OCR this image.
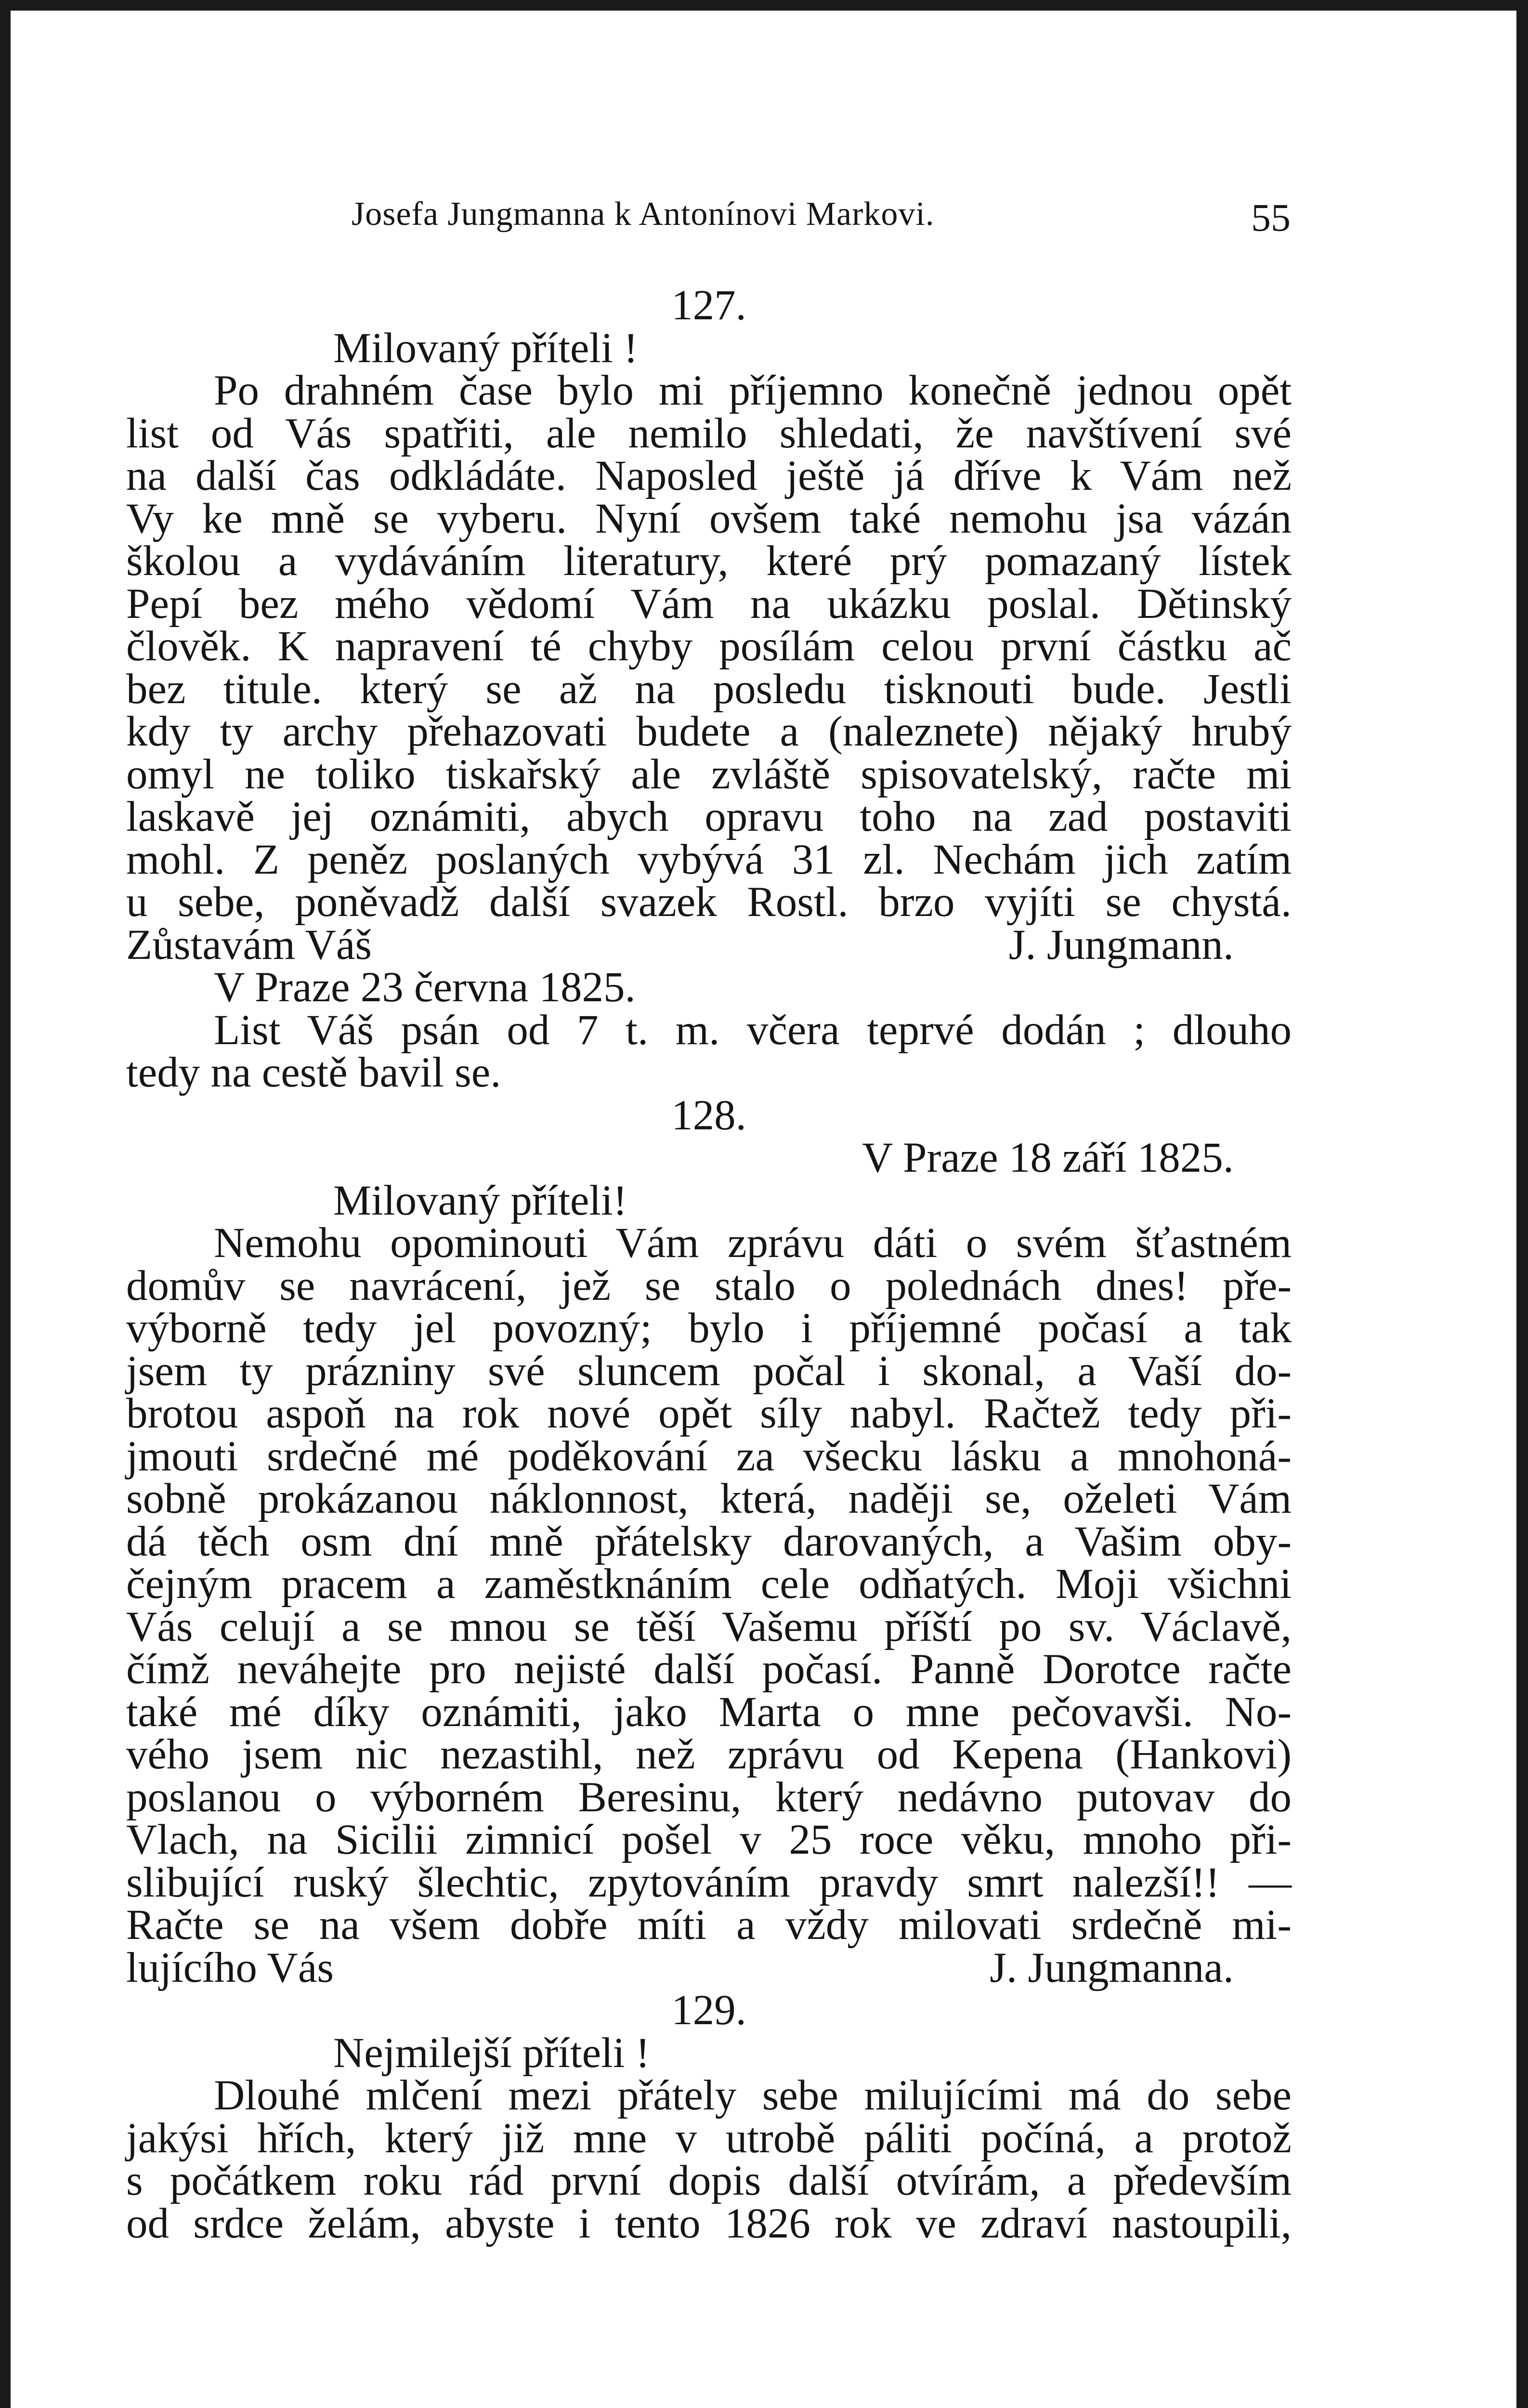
Josefa Jungmanna k Antonínovi Markovi.	55
127.
Milovaný příteli !
Po drahném čase bylo mi příjemno konečně jednou opět
list od Vás spatřiti, ale nemilo shledati, že navštívení své
na další čas odkládáte. Naposled ještě já dříve k Vám než
Vy ke mně se vyberu. Nyní ovšem také nemohu jsa vázán
školou a vydáváním literatury, které prý pomazaný lístek
Pepí bez mého vědomí Vám na ukázku poslal. Dětinský
člověk. K napravení té chyby posílám celou první částku ač
bez titule. který se až na posledu tisknouti bude. Jestli
kdy ty archy přehazovati budete a (naleznete) nějaký hrubý
omyl ne toliko tiskařský ale zvláště spisovatelský, račte mi
laskavě jej oznámiti, abych opravu toho na zad postaviti
mohl. Z peněz poslaných vybývá 31 zl. Nechám jich zatím
u sebe, poněvadž další svazek Rostl. brzo vyjíti se chystá.
Zůstavám Váš	J. Jungmann.
V Praze 23 června 1825.
List Váš psán od 7 t. m. včera teprvé dodán ; dlouho
tedy na cestě bavil se.
128.
V Praze 18 září 1825.
Milovaný příteli!
Nemohu opominouti Vám zprávu dáti o svém šťastném
domův se navrácení, jež se stalo o polednách dnes! pře-
výborně tedy jel povozný; bylo i příjemné počasí a tak
jsem ty prázniny své sluncem počal i skonal, a Vaší do-
brotou aspoň na rok nové opět síly nabyl. Račtež tedy při-
jmouti srdečné mé poděkování za všecku lásku a mnohoná-
sobně prokázanou náklonnost, která, naději se, oželeti Vám
dá těch osm dní mně přátelsky darovaných, a Vašim oby-
čejným pracem a zaměstknáním cele odňatých. Moji všichni
Vás celují a se mnou se těší Vašemu příští po sv. Václavě,
čímž neváhejte pro nejisté další počasí. Panně Dorotce račte
také mé díky oznámiti, jako Marta o mne pečovavši. No-
vého jsem nic nezastihl, než zprávu od Kepena (Hankovi)
poslanou o výborném Beresinu, který nedávno putovav do
Vlach, na Sicilii zimnicí pošel v 25 roce věku, mnoho při-
slibující ruský šlechtic, zpytováním pravdy smrt nalezší!! —
Račte se na všem dobře míti a vždy milovati srdečně mi-
lujícího Vás	J. Jungmanna.
129.
Nejmilejší příteli !
Dlouhé mlčení mezi přátely sebe milujícími má do sebe
jakýsi hřích, který již mne v utrobě páliti počíná, a protož
s počátkem roku rád první dopis další otvírám, a především
od srdce želám, abyste i tento 1826 rok ve zdraví nastoupili,
